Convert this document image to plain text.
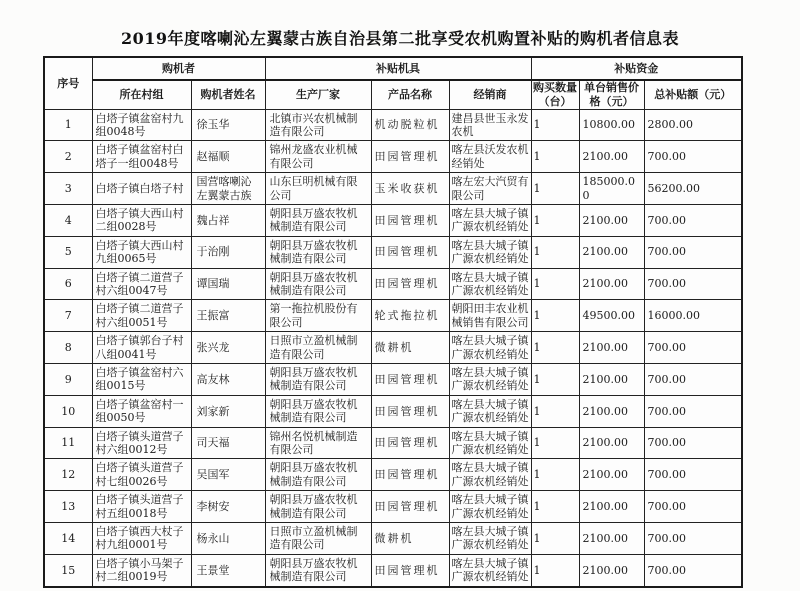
2019年度喀喇沁左翼蒙古族自治县第二批享受农机购置补贴的购机者信息表
序号	购机者		补贴机具			补贴资金		
	所在村组	购机者姓名	生产厂家	产品名称	经销商	购买数量（台）	单台销售价格（元）	总补贴额（元）
1	白塔子镇盆窑村九组0048号	徐玉华	北镇市兴农机械制造有限公司	机动脱粒机	建昌县世玉永发农机	1	10800.00	2800.00
2	白塔子镇盆窑村白塔子一组0048号	赵福顺	锦州龙盛农业机械有限公司	田园管理机	喀左县沃发农机经销处	1	2100.00	700.00
3	白塔子镇白塔子村	国营喀喇沁左翼蒙古族	山东巨明机械有限公司	玉米收获机	喀左宏大汽贸有限公司	1	185000.00	56200.00
4	白塔子镇大西山村二组0028号	魏占祥	朝阳县万盛农牧机械制造有限公司	田园管理机	喀左县大城子镇广源农机经销处	1	2100.00	700.00
5	白塔子镇大西山村九组0065号	于治刚	朝阳县万盛农牧机械制造有限公司	田园管理机	喀左县大城子镇广源农机经销处	1	2100.00	700.00
6	白塔子镇二道营子村六组0047号	谭国瑞	朝阳县万盛农牧机械制造有限公司	田园管理机	喀左县大城子镇广源农机经销处	1	2100.00	700.00
7	白塔子镇二道营子村六组0051号	王振富	第一拖拉机股份有限公司	轮式拖拉机	朝阳田丰农业机械销售有限公司	1	49500.00	16000.00
8	白塔子镇郭台子村八组0041号	张兴龙	日照市立盈机械制造有限公司	微耕机	喀左县大城子镇广源农机经销处	1	2100.00	700.00
9	白塔子镇盆窑村六组0015号	高友林	朝阳县万盛农牧机械制造有限公司	田园管理机	喀左县大城子镇广源农机经销处	1	2100.00	700.00
10	白塔子镇盆窑村一组0050号	刘家新	朝阳县万盛农牧机械制造有限公司	田园管理机	喀左县大城子镇广源农机经销处	1	2100.00	700.00
11	白塔子镇头道营子村六组0012号	司天福	锦州名悦机械制造有限公司	田园管理机	喀左县大城子镇广源农机经销处	1	2100.00	700.00
12	白塔子镇头道营子村七组0026号	吴国军	朝阳县万盛农牧机械制造有限公司	田园管理机	喀左县大城子镇广源农机经销处	1	2100.00	700.00
13	白塔子镇头道营子村五组0018号	李树安	朝阳县万盛农牧机械制造有限公司	田园管理机	喀左县大城子镇广源农机经销处	1	2100.00	700.00
14	白塔子镇西大杖子村九组0001号	杨永山	日照市立盈机械制造有限公司	微耕机	喀左县大城子镇广源农机经销处	1	2100.00	700.00
15	白塔子镇小马架子村二组0019号	王景堂	朝阳县万盛农牧机械制造有限公司	田园管理机	喀左县大城子镇广源农机经销处	1	2100.00	700.00
